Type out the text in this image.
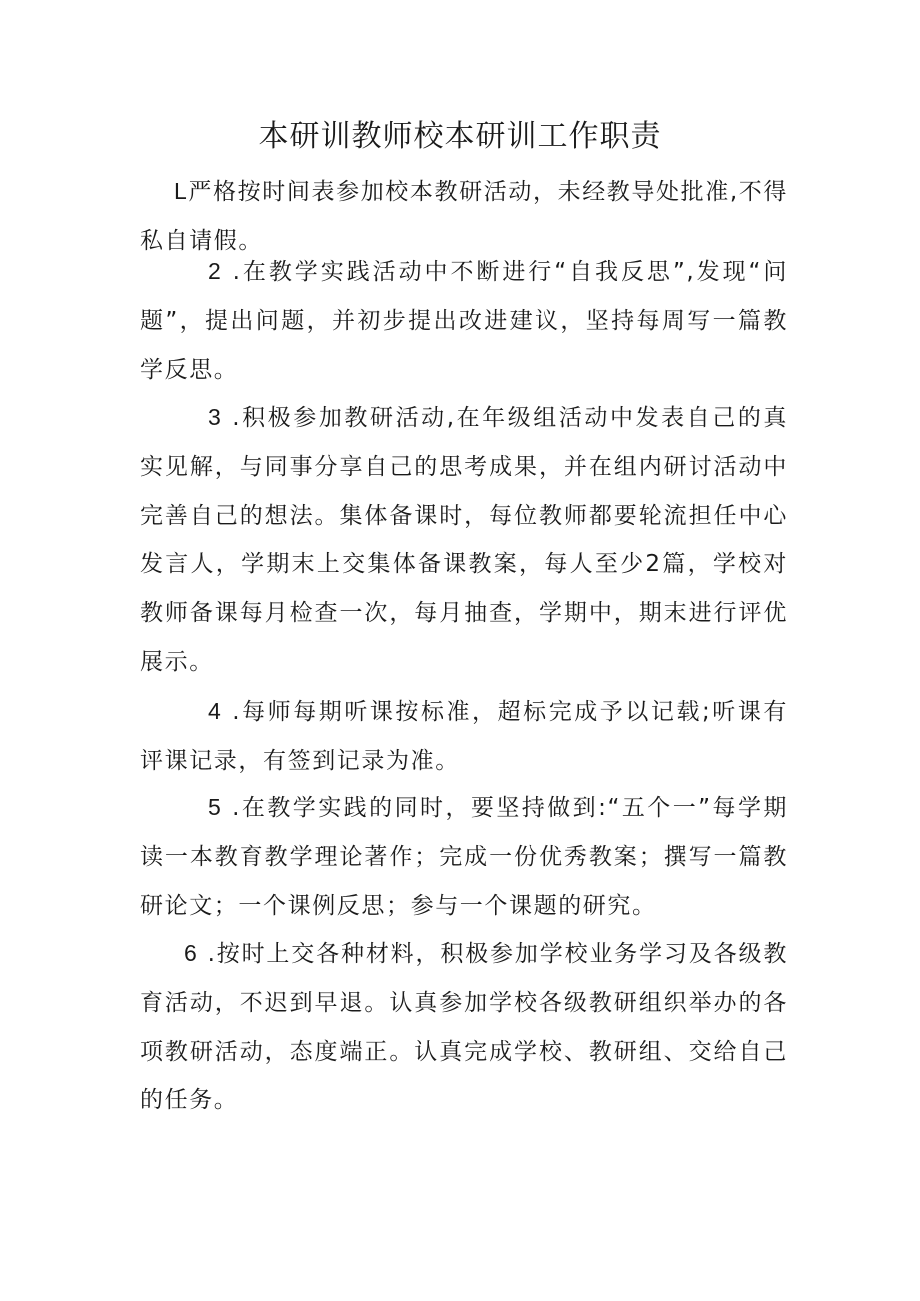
本研训教师校本研训工作职责

L严格按时间表参加校本教研活动，未经教导处批准,不得私自请假。

2 .在教学实践活动中不断进行“自我反思”,发现“问题”，提出问题，并初步提出改进建议，坚持每周写一篇教学反思。

3 .积极参加教研活动,在年级组活动中发表自己的真实见解，与同事分享自己的思考成果，并在组内研讨活动中完善自己的想法。集体备课时，每位教师都要轮流担任中心发言人，学期末上交集体备课教案，每人至少2篇，学校对教师备课每月检查一次，每月抽查，学期中，期末进行评优展示。

4 .每师每期听课按标准，超标完成予以记载;听课有评课记录，有签到记录为准。

5 .在教学实践的同时，要坚持做到:“五个一”每学期读一本教育教学理论著作；完成一份优秀教案；撰写一篇教研论文；一个课例反思；参与一个课题的研究。

6 .按时上交各种材料，积极参加学校业务学习及各级教育活动，不迟到早退。认真参加学校各级教研组织举办的各项教研活动，态度端正。认真完成学校、教研组、交给自己的任务。
